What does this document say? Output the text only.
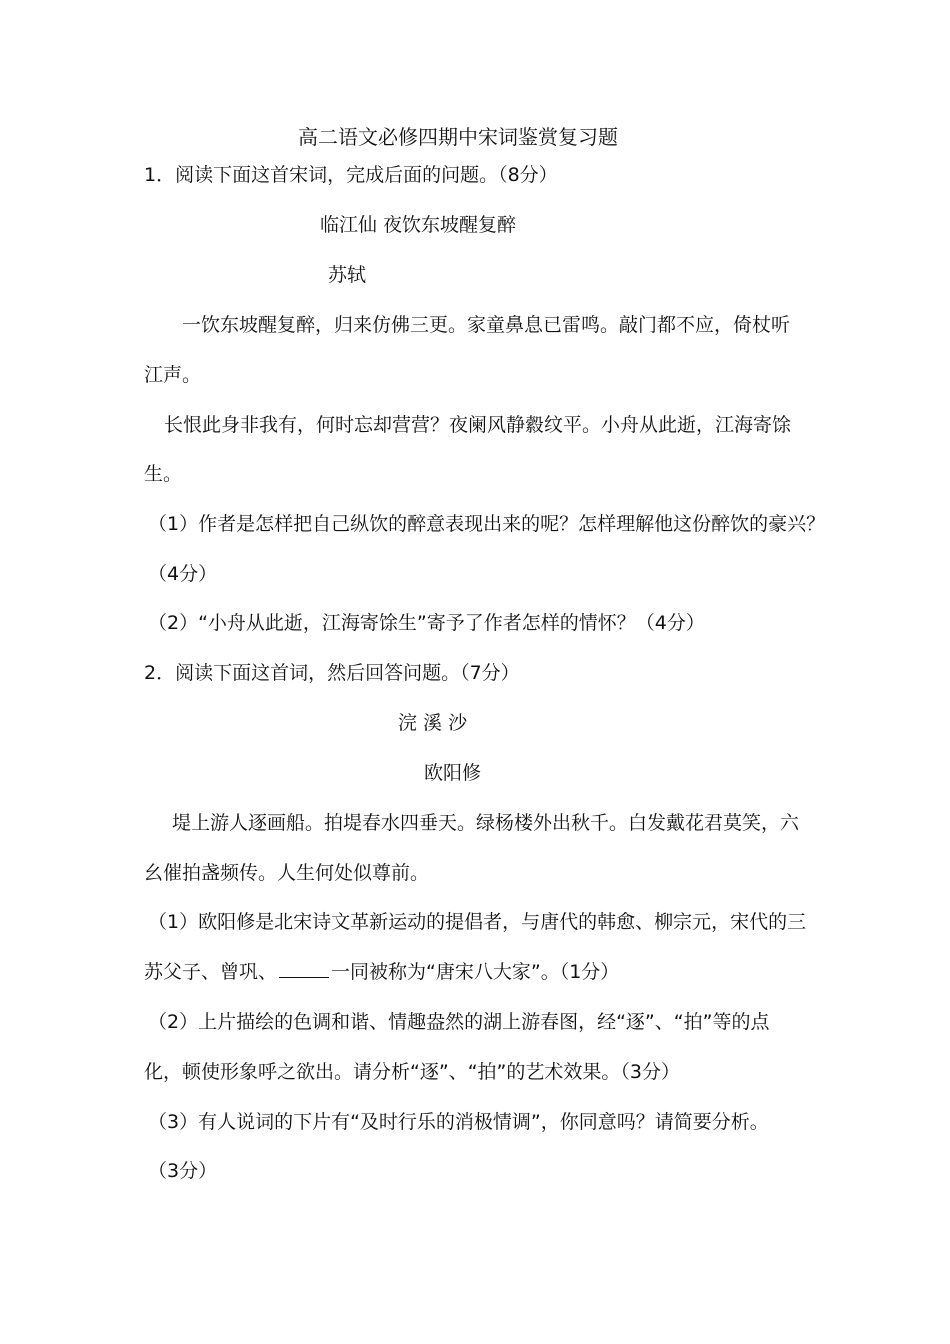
高二语文必修四期中宋词鉴赏复习题
1．阅读下面这首宋词，完成后面的问题。（8分）
临江仙 夜饮东坡醒复醉
苏轼
一饮东坡醒复醉，归来仿佛三更。家童鼻息已雷鸣。敲门都不应，倚杖听
江声。
长恨此身非我有，何时忘却营营？夜阑风静縠纹平。小舟从此逝，江海寄馀
生。
（1）作者是怎样把自己纵饮的醉意表现出来的呢？怎样理解他这份醉饮的豪兴？
（4分）
（2）“小舟从此逝，江海寄馀生”寄予了作者怎样的情怀？（4分）
2．阅读下面这首词，然后回答问题。（7分）
浣 溪 沙
欧阳修
堤上游人逐画船。拍堤春水四垂天。绿杨楼外出秋千。白发戴花君莫笑，六
幺催拍盏频传。人生何处似尊前。
（1）欧阳修是北宋诗文革新运动的提倡者，与唐代的韩愈、柳宗元，宋代的三
苏父子、曾巩、	一同被称为“唐宋八大家”。（1分）
（2）上片描绘的色调和谐、情趣盎然的湖上游春图，经“逐”、“拍”等的点
化，顿使形象呼之欲出。请分析“逐”、“拍”的艺术效果。（3分）
（3）有人说词的下片有“及时行乐的消极情调”，你同意吗？请简要分析。
（3分）
